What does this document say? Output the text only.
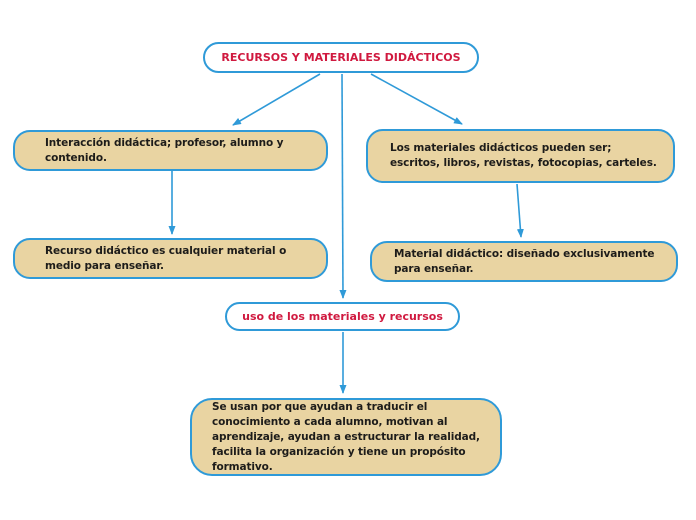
RECURSOS Y MATERIALES DIDÁCTICOS
Interacción didáctica; profesor, alumno y contenido.
Los materiales didácticos pueden ser; escritos, libros, revistas, fotocopias, carteles.
Recurso didáctico es cualquier material o medio para enseñar.
Material didáctico: diseñado exclusivamente para enseñar.
uso de los materiales y recursos
Se usan por que ayudan a traducir el conocimiento a cada alumno, motivan al aprendizaje, ayudan a estructurar la realidad, facilita la organización y tiene un propósito formativo.
